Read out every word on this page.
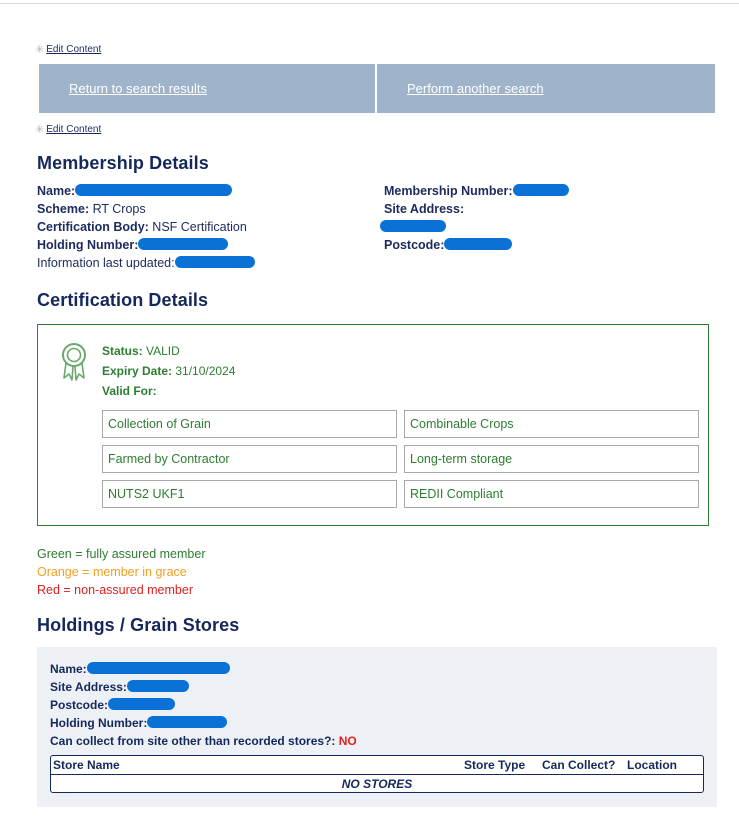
✳ Edit Content
Return to search results	Perform another search
✳ Edit Content
Membership Details
Name:
Scheme: RT Crops
Certification Body: NSF Certification
Holding Number:
Information last updated:
Membership Number:
Site Address:
Postcode:
Certification Details
Status: VALID
Expiry Date: 31/10/2024
Valid For:
Collection of Grain	Combinable Crops
Farmed by Contractor	Long-term storage
NUTS2 UKF1	REDII Compliant
Green = fully assured member
Orange = member in grace
Red = non-assured member
Holdings / Grain Stores
Name:
Site Address:
Postcode:
Holding Number:
Can collect from site other than recorded stores?: NO
Store Name	Store Type Can Collect? Location
NO STORES
